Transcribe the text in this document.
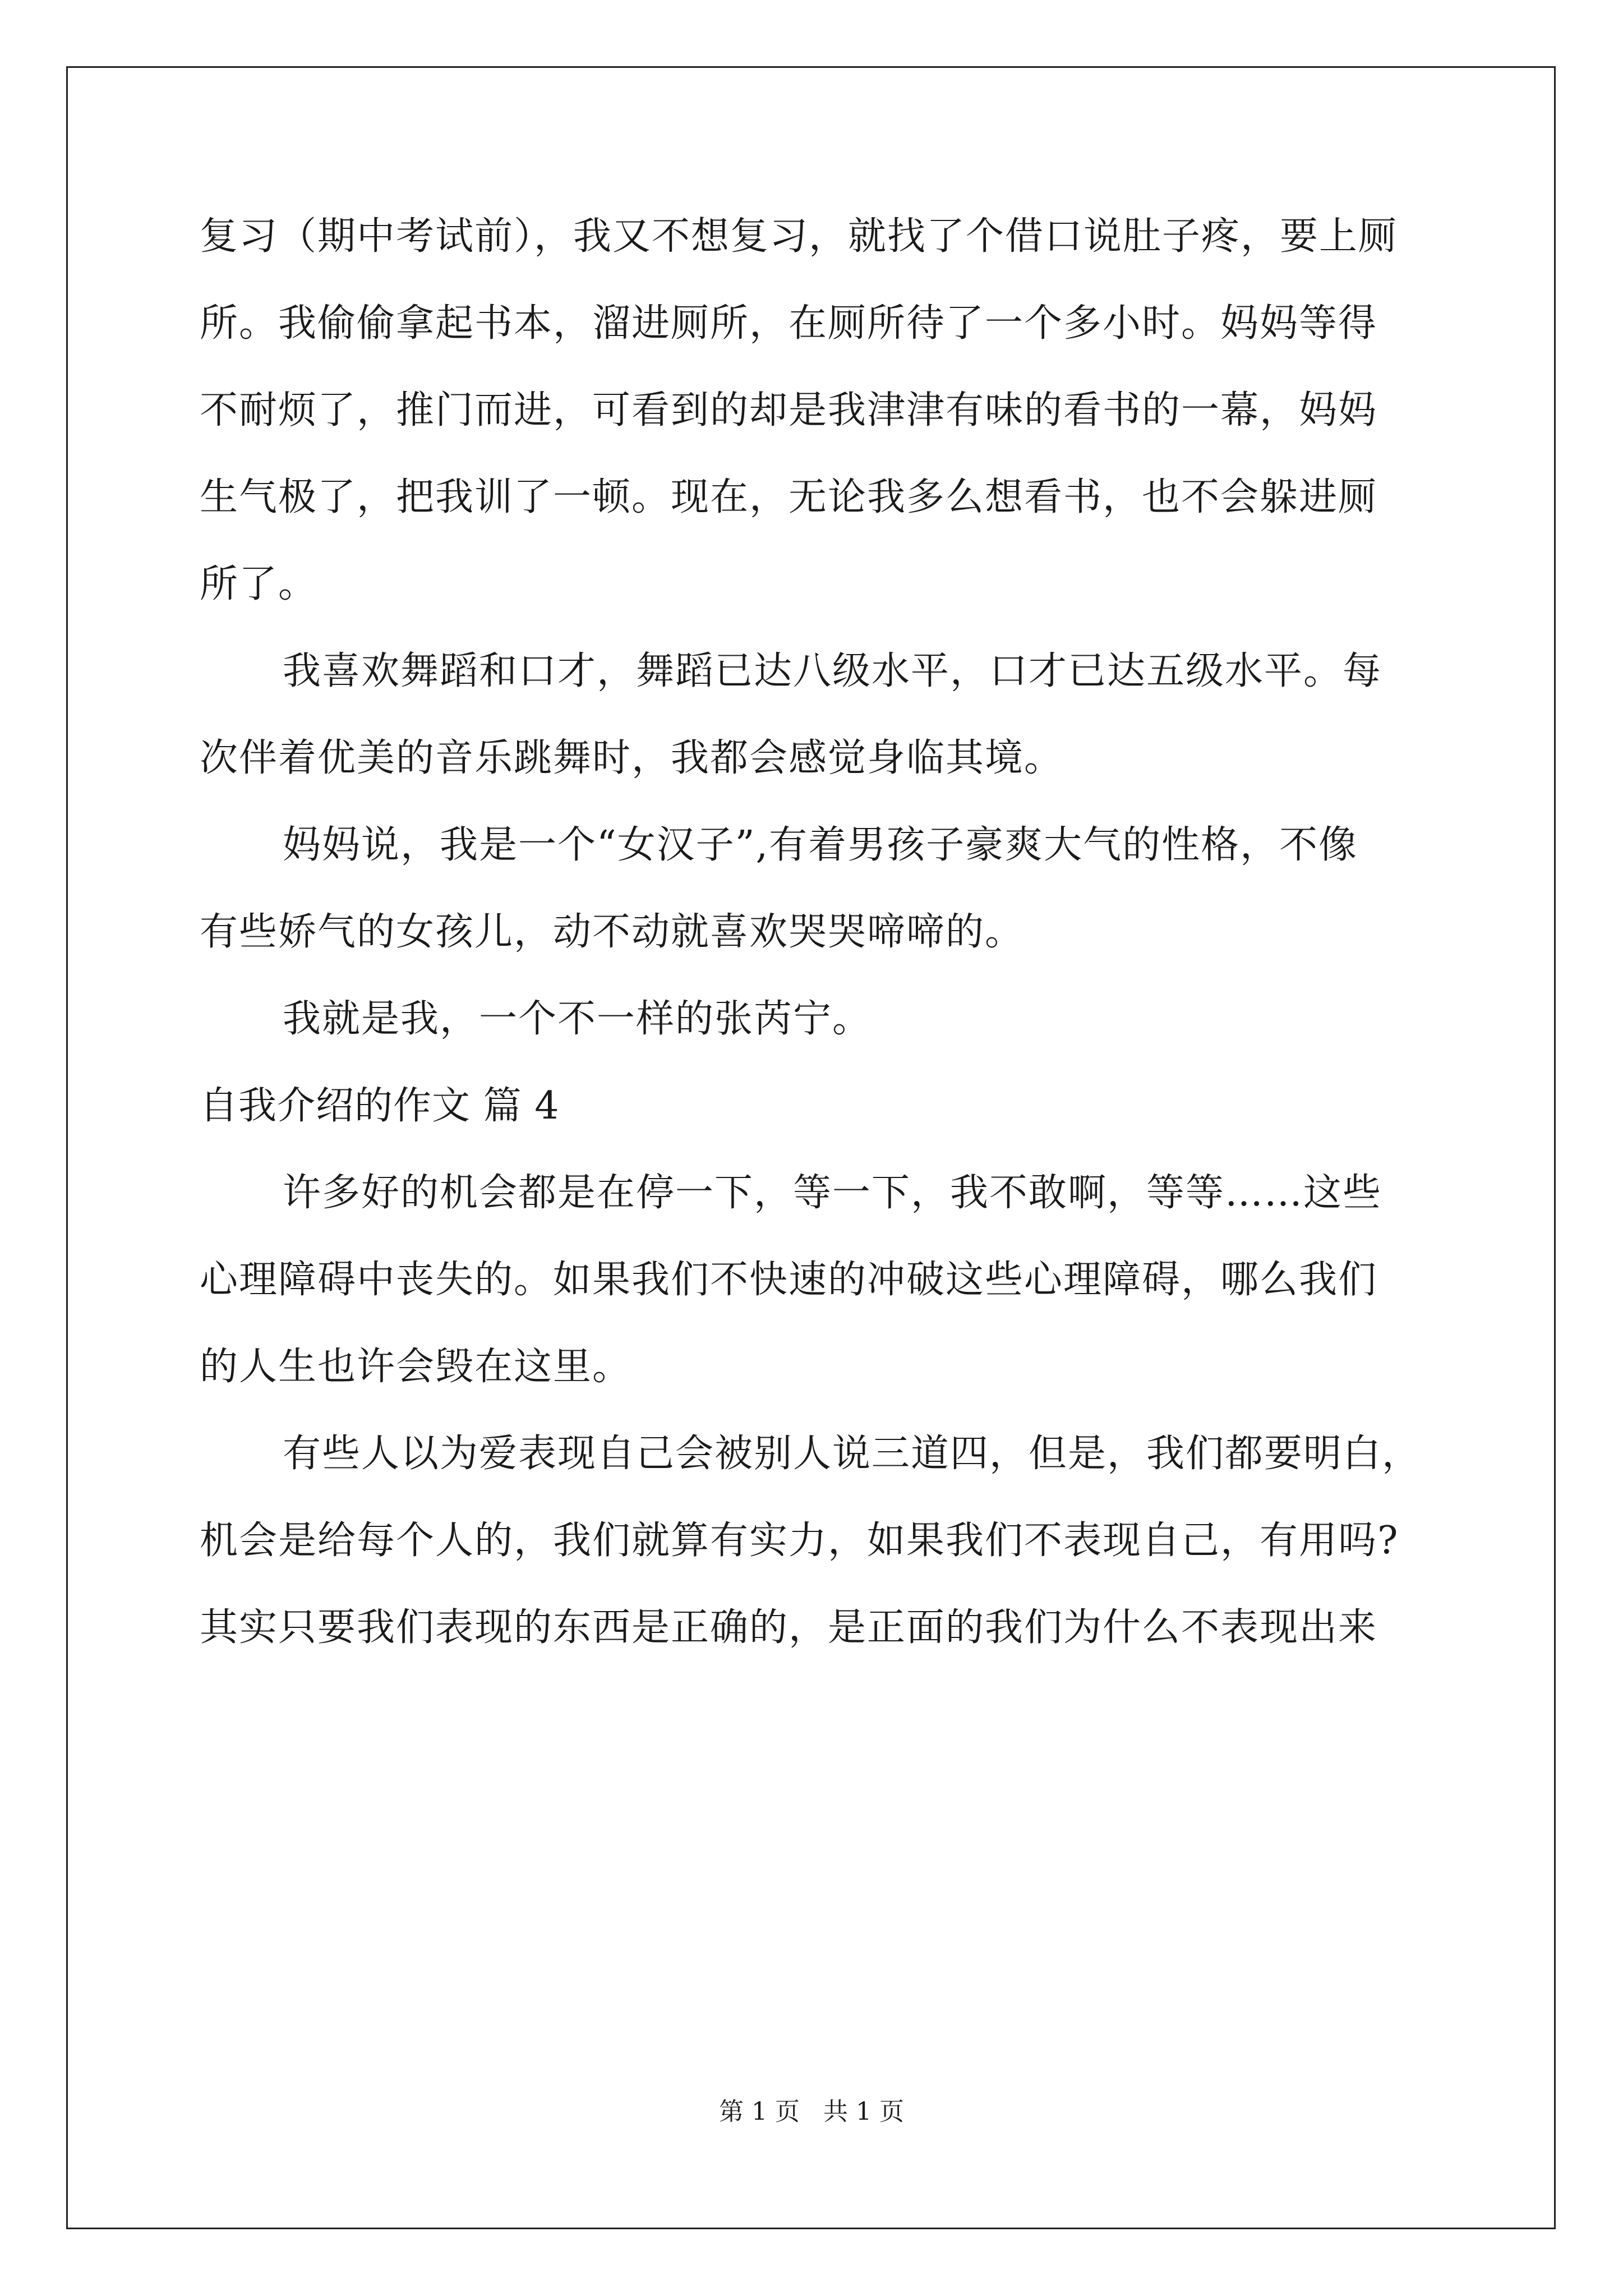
复习（期中考试前），我又不想复习，就找了个借口说肚子疼，要上厕
所。我偷偷拿起书本，溜进厕所，在厕所待了一个多小时。妈妈等得
不耐烦了，推门而进，可看到的却是我津津有味的看书的一幕，妈妈
生气极了，把我训了一顿。现在，无论我多么想看书，也不会躲进厕
所了。
我喜欢舞蹈和口才，舞蹈已达八级水平，口才已达五级水平。每
次伴着优美的音乐跳舞时，我都会感觉身临其境。
妈妈说，我是一个“女汉子”,有着男孩子豪爽大气的性格，不像
有些娇气的女孩儿，动不动就喜欢哭哭啼啼的。
我就是我，一个不一样的张芮宁。
自我介绍的作文 篇 4
许多好的机会都是在停一下，等一下，我不敢啊，等等……这些
心理障碍中丧失的。如果我们不快速的冲破这些心理障碍，哪么我们
的人生也许会毁在这里。
有些人以为爱表现自己会被别人说三道四，但是，我们都要明白，
机会是给每个人的，我们就算有实力，如果我们不表现自己，有用吗?
其实只要我们表现的东西是正确的，是正面的我们为什么不表现出来
第 1 页   共 1 页
